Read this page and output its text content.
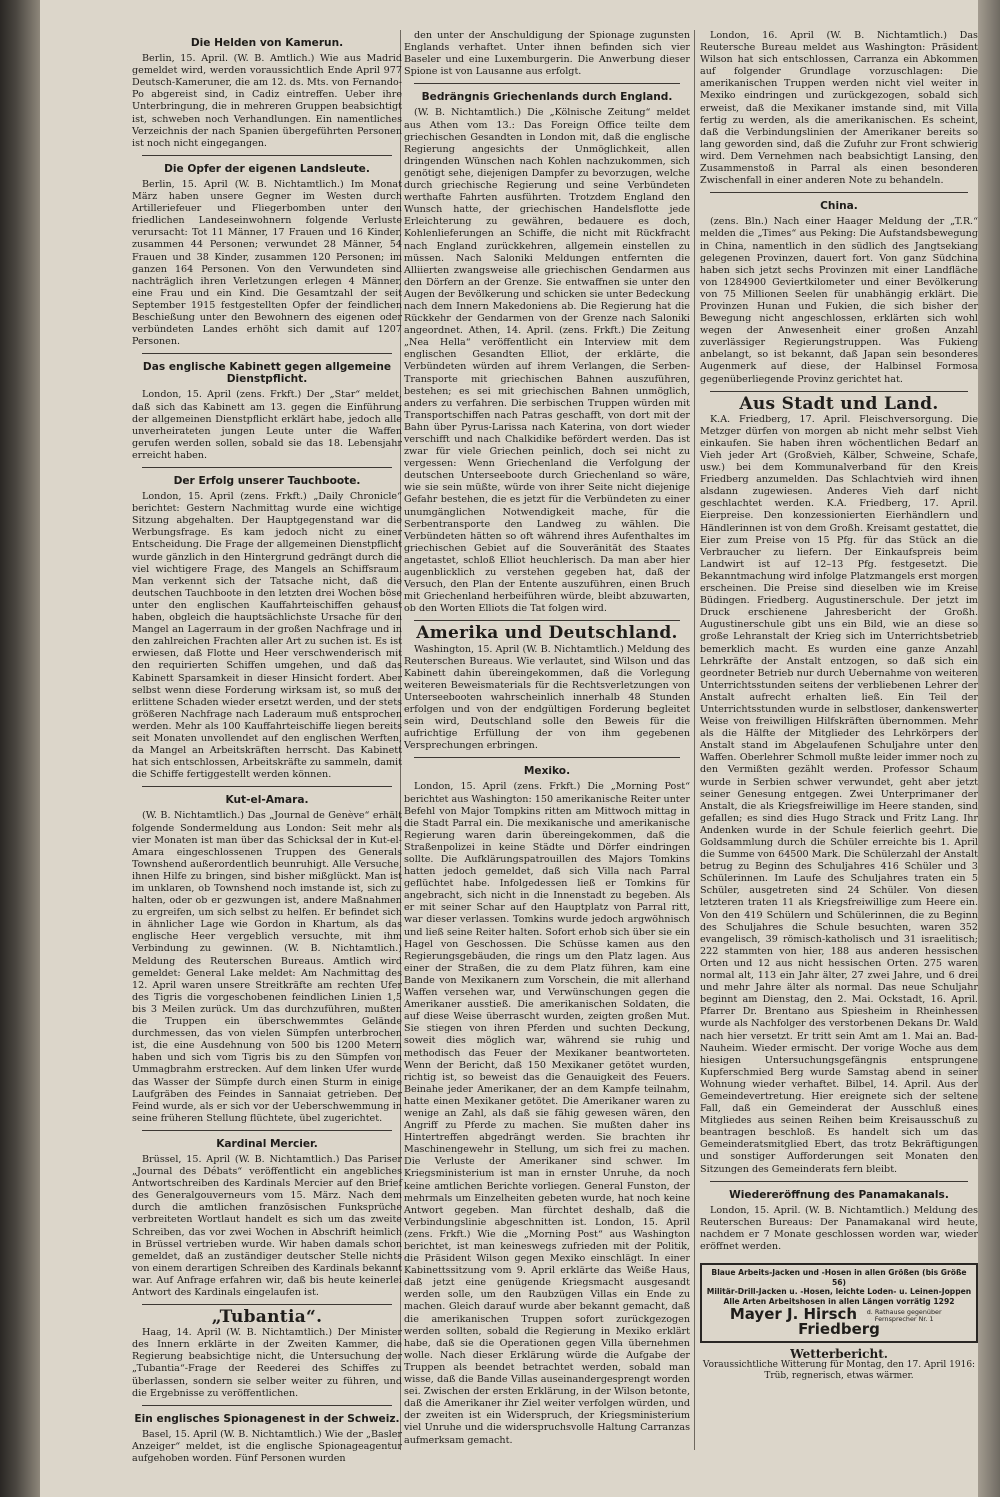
Die Helden von Kamerun.

Berlin, 15. April. (W. B. Amtlich.) Wie aus Madrid gemeldet wird, werden voraussichtlich Ende April 977 Deutsch-Kameruner, die am 12. ds. Mts. von Fernando-Po abgereist sind, in Cadiz eintreffen. Ueber ihre Unterbringung, die in mehreren Gruppen beabsichtigt ist, schweben noch Verhandlungen. Ein namentliches Verzeichnis der nach Spanien übergeführten Personen ist noch nicht eingegangen.

Die Opfer der eigenen Landsleute.

Berlin, 15. April (W. B. Nichtamtlich.) Im Monat März haben unsere Gegner im Westen durch Artilleriefeuer und Fliegerbomben unter den friedlichen Landeseinwohnern folgende Verluste verursacht: Tot 11 Männer, 17 Frauen und 16 Kinder, zusammen 44 Personen; verwundet 28 Männer, 54 Frauen und 38 Kinder, zusammen 120 Personen; im ganzen 164 Personen. Von den Verwundeten sind nachträglich ihren Verletzungen erlegen 4 Männer, eine Frau und ein Kind. Die Gesamtzahl der seit September 1915 festgestellten Opfer der feindlichen Beschießung unter den Bewohnern des eigenen oder verbündeten Landes erhöht sich damit auf 1207 Personen.

Das englische Kabinett gegen allgemeine Dienstpflicht.

London, 15. April (zens. Frkft.) Der „Star“ meldet, daß sich das Kabinett am 13. gegen die Einführung der allgemeinen Dienstpflicht erklärt habe, jedoch alle unverheirateten jungen Leute unter die Waffen gerufen werden sollen, sobald sie das 18. Lebensjahr erreicht haben.

Der Erfolg unserer Tauchboote.

London, 15. April (zens. Frkft.) „Daily Chronicle“ berichtet: Gestern Nachmittag wurde eine wichtige Sitzung abgehalten. Der Hauptgegenstand war die Werbungsfrage. Es kam jedoch nicht zu einer Entscheidung. Die Frage der allgemeinen Dienstpflicht wurde gänzlich in den Hintergrund gedrängt durch die viel wichtigere Frage, des Mangels an Schiffsraum. Man verkennt sich der Tatsache nicht, daß die deutschen Tauchboote in den letzten drei Wochen böse unter den englischen Kauffahrteischiffen gehaust haben, obgleich die hauptsächlichste Ursache für den Mangel an Lagerraum in der großen Nachfrage und in den zahlreichen Frachten aller Art zu suchen ist. Es ist erwiesen, daß Flotte und Heer verschwenderisch mit den requirierten Schiffen umgehen, und daß das Kabinett Sparsamkeit in dieser Hinsicht fordert. Aber selbst wenn diese Forderung wirksam ist, so muß der erlittene Schaden wieder ersetzt werden, und der stets größeren Nachfrage nach Laderaum muß entsprochen werden. Mehr als 100 Kauffahrteischiffe liegen bereits seit Monaten unvollendet auf den englischen Werften, da Mangel an Arbeitskräften herrscht. Das Kabinett hat sich entschlossen, Arbeitskräfte zu sammeln, damit die Schiffe fertiggestellt werden können.

Kut-el-Amara.

(W. B. Nichtamtlich.) Das „Journal de Genève“ erhält folgende Sondermeldung aus London: Seit mehr als vier Monaten ist man über das Schicksal der in Kut-el-Amara eingeschlossenen Truppen des Generals Townshend außerordentlich beunruhigt. Alle Versuche, ihnen Hilfe zu bringen, sind bisher mißglückt. Man ist im unklaren, ob Townshend noch imstande ist, sich zu halten, oder ob er gezwungen ist, andere Maßnahmen zu ergreifen, um sich selbst zu helfen. Er befindet sich in ähnlicher Lage wie Gordon in Khartum, als das englische Heer vergeblich versuchte, mit ihm Verbindung zu gewinnen. (W. B. Nichtamtlich.) Meldung des Reuterschen Bureaus. Amtlich wird gemeldet: General Lake meldet: Am Nachmittag des 12. April waren unsere Streitkräfte am rechten Ufer des Tigris die vorgeschobenen feindlichen Linien 1,5 bis 3 Meilen zurück. Um das durchzuführen, mußten die Truppen ein überschwemmtes Gelände durchmessen, das von vielen Sümpfen unterbrochen ist, die eine Ausdehnung von 500 bis 1200 Metern haben und sich vom Tigris bis zu den Sümpfen von Ummagbrahm erstrecken. Auf dem linken Ufer wurde das Wasser der Sümpfe durch einen Sturm in einige Laufgräben des Feindes in Sannaiat getrieben. Der Feind wurde, als er sich vor der Ueberschwemmung in seine früheren Stellung flüchtete, übel zugerichtet.

Kardinal Mercier.

Brüssel, 15. April (W. B. Nichtamtlich.) Das Pariser „Journal des Débats“ veröffentlicht ein angebliches Antwortschreiben des Kardinals Mercier auf den Brief des Generalgouverneurs vom 15. März. Nach dem durch die amtlichen französischen Funksprüche verbreiteten Wortlaut handelt es sich um das zweite Schreiben, das vor zwei Wochen in Abschrift heimlich in Brüssel vertrieben wurde. Wir haben damals schon gemeldet, daß an zuständiger deutscher Stelle nichts von einem derartigen Schreiben des Kardinals bekannt war. Auf Anfrage erfahren wir, daß bis heute keinerlei Antwort des Kardinals eingelaufen ist.

„Tubantia“.

Haag, 14. April (W. B. Nichtamtlich.) Der Minister des Innern erklärte in der Zweiten Kammer, die Regierung beabsichtige nicht, die Untersuchung der „Tubantia“-Frage der Reederei des Schiffes zu überlassen, sondern sie selber weiter zu führen, und die Ergebnisse zu veröffentlichen.

Ein englisches Spionagenest in der Schweiz.

Basel, 15. April (W. B. Nichtamtlich.) Wie der „Basler Anzeiger“ meldet, ist die englische Spionageagentur aufgehoben worden. Fünf Personen wurden

den unter der Anschuldigung der Spionage zugunsten Englands verhaftet. Unter ihnen befinden sich vier Baseler und eine Luxemburgerin. Die Anwerbung dieser Spione ist von Lausanne aus erfolgt.

Bedrängnis Griechenlands durch England.

(W. B. Nichtamtlich.) Die „Kölnische Zeitung“ meldet aus Athen vom 13.: Das Foreign Office teilte dem griechischen Gesandten in London mit, daß die englische Regierung angesichts der Unmöglichkeit, allen dringenden Wünschen nach Kohlen nachzukommen, sich genötigt sehe, diejenigen Dampfer zu bevorzugen, welche durch griechische Regierung und seine Verbündeten werthafte Fahrten ausführten. Trotzdem England den Wunsch hatte, der griechischen Handelsflotte jede Erleichterung zu gewähren, bedauere es doch, Kohlenlieferungen an Schiffe, die nicht mit Rückfracht nach England zurückkehren, allgemein einstellen zu müssen. Nach Saloniki Meldungen entfernten die Alliierten zwangsweise alle griechischen Gendarmen aus den Dörfern an der Grenze. Sie entwaffnen sie unter den Augen der Bevölkerung und schicken sie unter Bedeckung nach dem Innern Makedoniens ab. Die Regierung hat die Rückkehr der Gendarmen von der Grenze nach Saloniki angeordnet. Athen, 14. April. (zens. Frkft.) Die Zeitung „Nea Hella“ veröffentlicht ein Interview mit dem englischen Gesandten Elliot, der erklärte, die Verbündeten würden auf ihrem Verlangen, die Serben-Transporte mit griechischen Bahnen auszuführen, bestehen; es sei mit griechischen Bahnen unmöglich, anders zu verfahren. Die serbischen Truppen würden mit Transportschiffen nach Patras geschafft, von dort mit der Bahn über Pyrus-Larissa nach Katerina, von dort wieder verschifft und nach Chalkidike befördert werden. Das ist zwar für viele Griechen peinlich, doch sei nicht zu vergessen: Wenn Griechenland die Verfolgung der deutschen Unterseeboote durch Griechenland so wäre, wie sie sein müßte, würde von ihrer Seite nicht diejenige Gefahr bestehen, die es jetzt für die Verbündeten zu einer unumgänglichen Notwendigkeit mache, für die Serbentransporte den Landweg zu wählen. Die Verbündeten hätten so oft während ihres Aufenthaltes im griechischen Gebiet auf die Souveränität des Staates angetastet, schloß Elliot heuchlerisch. Da man aber hier augenblicklich zu verstehen gegeben hat, daß der Versuch, den Plan der Entente auszuführen, einen Bruch mit Griechenland herbeiführen würde, bleibt abzuwarten, ob den Worten Elliots die Tat folgen wird.

Amerika und Deutschland.

Washington, 15. April (W. B. Nichtamtlich.) Meldung des Reuterschen Bureaus. Wie verlautet, sind Wilson und das Kabinett dahin übereingekommen, daß die Vorlegung weiteren Beweismaterials für die Rechtsverletzungen von Unterseebooten wahrscheinlich innerhalb 48 Stunden erfolgen und von der endgültigen Forderung begleitet sein wird, Deutschland solle den Beweis für die aufrichtige Erfüllung der von ihm gegebenen Versprechungen erbringen.

Mexiko.

London, 15. April (zens. Frkft.) Die „Morning Post“ berichtet aus Washington: 150 amerikanische Reiter unter Befehl von Major Tompkins ritten am Mittwoch mittag in die Stadt Parral ein. Die mexikanische und amerikanische Regierung waren darin übereingekommen, daß die Straßenpolizei in keine Städte und Dörfer eindringen sollte. Die Aufklärungspatrouillen des Majors Tomkins hatten jedoch gemeldet, daß sich Villa nach Parral geflüchtet habe. Infolgedessen ließ er Tomkins für angebracht, sich nicht in die Innenstadt zu begeben. Als er mit seiner Schar auf den Hauptplatz von Parral ritt, war dieser verlassen. Tomkins wurde jedoch argwöhnisch und ließ seine Reiter halten. Sofort erhob sich über sie ein Hagel von Geschossen. Die Schüsse kamen aus den Regierungsgebäuden, die rings um den Platz lagen. Aus einer der Straßen, die zu dem Platz führen, kam eine Bande von Mexikanern zum Vorschein, die mit allerhand Waffen versehen war, und Verwünschungen gegen die Amerikaner ausstieß. Die amerikanischen Soldaten, die auf diese Weise überrascht wurden, zeigten großen Mut. Sie stiegen von ihren Pferden und suchten Deckung, soweit dies möglich war, während sie ruhig und methodisch das Feuer der Mexikaner beantworteten. Wenn der Bericht, daß 150 Mexikaner getötet wurden, richtig ist, so beweist das die Genauigkeit des Feuers. Beinahe jeder Amerikaner, der an dem Kampfe teilnahm, hatte einen Mexikaner getötet. Die Amerikaner waren zu wenige an Zahl, als daß sie fähig gewesen wären, den Angriff zu Pferde zu machen. Sie mußten daher ins Hintertreffen abgedrängt werden. Sie brachten ihr Maschinengewehr in Stellung, um sich frei zu machen. Die Verluste der Amerikaner sind schwer. Im Kriegsministerium ist man in ernster Unruhe, da noch keine amtlichen Berichte vorliegen. General Funston, der mehrmals um Einzelheiten gebeten wurde, hat noch keine Antwort gegeben. Man fürchtet deshalb, daß die Verbindungslinie abgeschnitten ist. London, 15. April (zens. Frkft.) Wie die „Morning Post“ aus Washington berichtet, ist man keineswegs zufrieden mit der Politik, die Präsident Wilson gegen Mexiko einschlägt. In einer Kabinettssitzung vom 9. April erklärte das Weiße Haus, daß jetzt eine genügende Kriegsmacht ausgesandt werden solle, um den Raubzügen Villas ein Ende zu machen. Gleich darauf wurde aber bekannt gemacht, daß die amerikanischen Truppen sofort zurückgezogen werden sollten, sobald die Regierung in Mexiko erklärt habe, daß sie die Operationen gegen Villa übernehmen wolle. Nach dieser Erklärung würde die Aufgabe der Truppen als beendet betrachtet werden, sobald man wisse, daß die Bande Villas auseinandergesprengt worden sei. Zwischen der ersten Erklärung, in der Wilson betonte, daß die Amerikaner ihr Ziel weiter verfolgen würden, und der zweiten ist ein Widerspruch, der Kriegsministerium viel Unruhe und die widerspruchsvolle Haltung Carranzas aufmerksam gemacht.

London, 16. April (W. B. Nichtamtlich.) Das Reutersche Bureau meldet aus Washington: Präsident Wilson hat sich entschlossen, Carranza ein Abkommen auf folgender Grundlage vorzuschlagen: Die amerikanischen Truppen werden nicht viel weiter in Mexiko eindringen und zurückgezogen, sobald sich erweist, daß die Mexikaner imstande sind, mit Villa fertig zu werden, als die amerikanischen. Es scheint, daß die Verbindungslinien der Amerikaner bereits so lang geworden sind, daß die Zufuhr zur Front schwierig wird. Dem Vernehmen nach beabsichtigt Lansing, den Zusammenstoß in Parral als einen besonderen Zwischenfall in einer anderen Note zu behandeln.

China.

(zens. Bln.) Nach einer Haager Meldung der „T.R.“ melden die „Times“ aus Peking: Die Aufstandsbewegung in China, namentlich in den südlich des Jangtsekiang gelegenen Provinzen, dauert fort. Von ganz Südchina haben sich jetzt sechs Provinzen mit einer Landfläche von 1284900 Geviertkilometer und einer Bevölkerung von 75 Millionen Seelen für unabhängig erklärt. Die Provinzen Hunan und Fukien, die sich bisher der Bewegung nicht angeschlossen, erklärten sich wohl wegen der Anwesenheit einer großen Anzahl zuverlässiger Regierungstruppen. Was Fukieng anbelangt, so ist bekannt, daß Japan sein besonderes Augenmerk auf diese, der Halbinsel Formosa gegenüberliegende Provinz gerichtet hat.

Aus Stadt und Land.

K.A. Friedberg, 17. April. Fleischversorgung. Die Metzger dürfen von morgen ab nicht mehr selbst Vieh einkaufen. Sie haben ihren wöchentlichen Bedarf an Vieh jeder Art (Großvieh, Kälber, Schweine, Schafe, usw.) bei dem Kommunalverband für den Kreis Friedberg anzumelden. Das Schlachtvieh wird ihnen alsdann zugewiesen. Anderes Vieh darf nicht geschlachtet werden. K.A. Friedberg, 17. April. Eierpreise. Den konzessionierten Eierhändlern und Händlerinnen ist von dem Großh. Kreisamt gestattet, die Eier zum Preise von 15 Pfg. für das Stück an die Verbraucher zu liefern. Der Einkaufspreis beim Landwirt ist auf 12–13 Pfg. festgesetzt. Die Bekanntmachung wird infolge Platzmangels erst morgen erscheinen. Die Preise sind dieselben wie im Kreise Büdingen. Friedberg. Augustinerschule. Der jetzt im Druck erschienene Jahresbericht der Großh. Augustinerschule gibt uns ein Bild, wie an diese so große Lehranstalt der Krieg sich im Unterrichtsbetrieb bemerklich macht. Es wurden eine ganze Anzahl Lehrkräfte der Anstalt entzogen, so daß sich ein geordneter Betrieb nur durch Uebernahme von weiteren Unterrichtsstunden seitens der verbliebenen Lehrer der Anstalt aufrecht erhalten ließ. Ein Teil der Unterrichtsstunden wurde in selbstloser, dankenswerter Weise von freiwilligen Hilfskräften übernommen. Mehr als die Hälfte der Mitglieder des Lehrkörpers der Anstalt stand im Abgelaufenen Schuljahre unter den Waffen. Oberlehrer Schmoll mußte leider immer noch zu den Vermißten gezählt werden. Professor Schaum wurde in Serbien schwer verwundet, geht aber jetzt seiner Genesung entgegen. Zwei Unterprimaner der Anstalt, die als Kriegsfreiwillige im Heere standen, sind gefallen; es sind dies Hugo Strack und Fritz Lang. Ihr Andenken wurde in der Schule feierlich geehrt. Die Goldsammlung durch die Schüler erreichte bis 1. April die Summe von 64500 Mark. Die Schülerzahl der Anstalt betrug zu Beginn des Schuljahres 416 Schüler und 3 Schülerinnen. Im Laufe des Schuljahres traten ein 5 Schüler, ausgetreten sind 24 Schüler. Von diesen letzteren traten 11 als Kriegsfreiwillige zum Heere ein. Von den 419 Schülern und Schülerinnen, die zu Beginn des Schuljahres die Schule besuchten, waren 352 evangelisch, 39 römisch-katholisch und 31 israelitisch; 222 stammten von hier, 188 aus anderen hessischen Orten und 12 aus nicht hessischen Orten. 275 waren normal alt, 113 ein Jahr älter, 27 zwei Jahre, und 6 drei und mehr Jahre älter als normal. Das neue Schuljahr beginnt am Dienstag, den 2. Mai. Ockstadt, 16. April. Pfarrer Dr. Brentano aus Spiesheim in Rheinhessen wurde als Nachfolger des verstorbenen Dekans Dr. Wald nach hier versetzt. Er tritt sein Amt am 1. Mai an. Bad-Nauheim. Wieder ermischt. Der vorige Woche aus dem hiesigen Untersuchungsgefängnis entsprungene Kupferschmied Berg wurde Samstag abend in seiner Wohnung wieder verhaftet. Bilbel, 14. April. Aus der Gemeindevertretung. Hier ereignete sich der seltene Fall, daß ein Gemeinderat der Ausschluß eines Mitgliedes aus seinen Reihen beim Kreisausschuß zu beantragen beschloß. Es handelt sich um das Gemeinderatsmitglied Ebert, das trotz Bekräftigungen und sonstiger Aufforderungen seit Monaten den Sitzungen des Gemeinderats fern bleibt.

Wiedereröffnung des Panamakanals.

London, 15. April. (W. B. Nichtamtlich.) Meldung des Reuterschen Bureaus: Der Panamakanal wird heute, nachdem er 7 Monate geschlossen worden war, wieder eröffnet werden.

Blaue Arbeits-Jacken und -Hosen in allen Größen (bis Größe 56)
Militär-Drill-Jacken u. -Hosen, leichte Loden- u. Leinen-Joppen
Alle Arten Arbeitshosen in allen Längen vorrätig 1292
Mayer J. Hirsch d. Rathause gegenüber Fernsprecher Nr. 1 Friedberg
Wetterbericht.
Voraussichtliche Witterung für Montag, den 17. April 1916:
Trüb, regnerisch, etwas wärmer.
